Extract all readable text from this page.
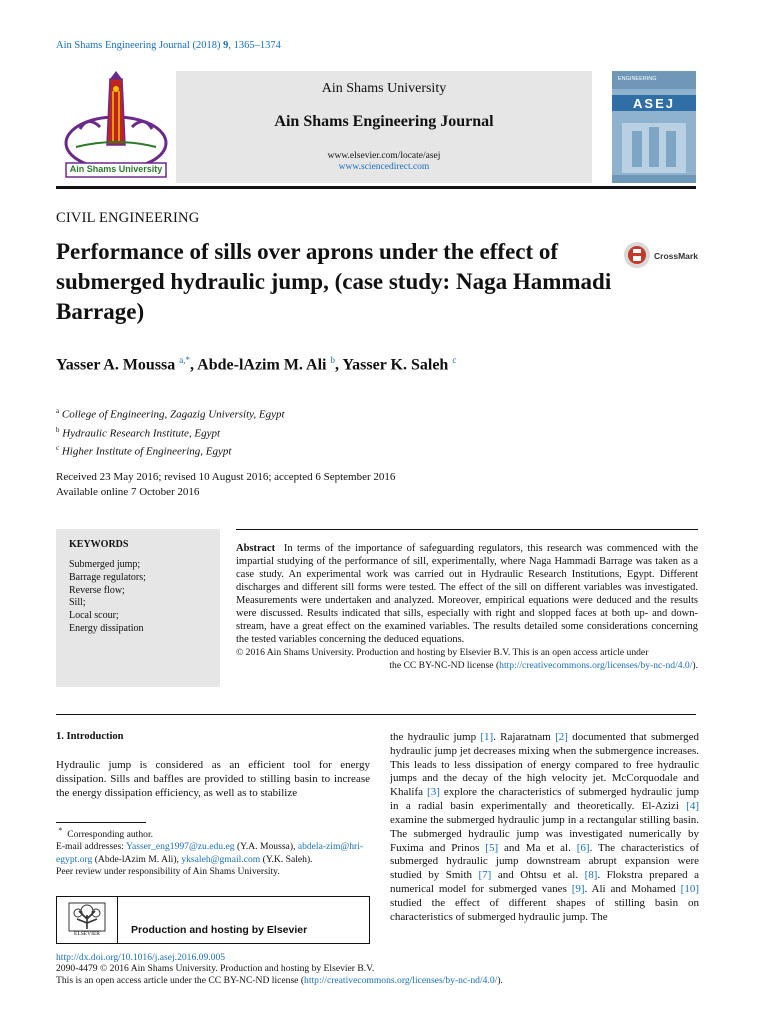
Ain Shams Engineering Journal (2018) 9, 1365–1374
Ain Shams University
Ain Shams University
Ain Shams Engineering Journal
www.elsevier.com/locate/asej
www.sciencedirect.com
ENGINEERING
ASEJ
CIVIL ENGINEERING
Performance of sills over aprons under the effect of submerged hydraulic jump, (case study: Naga Hammadi Barrage)
CrossMark
Yasser A. Moussa $^{a,*}$, Abde-lAzim M. Ali $^b$, Yasser K. Saleh $^c$
$^a$ College of Engineering, Zagazig University, Egypt
$^b$ Hydraulic Research Institute, Egypt
$^c$ Higher Institute of Engineering, Egypt
Received 23 May 2016; revised 10 August 2016; accepted 6 September 2016
Available online 7 October 2016
KEYWORDS
Submerged jump;
Barrage regulators;
Reverse flow;
Sill;
Local scour;
Energy dissipation
Abstract In terms of the importance of safeguarding regulators, this research was commenced with the impartial studying of the performance of sill, experimentally, where Naga Hammadi Barrage was taken as a case study. An experimental work was carried out in Hydraulic Research Institutions, Egypt. Different discharges and different sill forms were tested. The effect of the sill on different variables was investigated. Measurements were undertaken and analyzed. Moreover, empirical equations were deduced and the results were discussed. Results indicated that sills, especially with right and slopped faces at both up- and down-stream, have a great effect on the examined variables. The results detailed some considerations concerning the tested variables concerning the deduced equations.
© 2016 Ain Shams University. Production and hosting by Elsevier B.V. This is an open access article under
the CC BY-NC-ND license (http://creativecommons.org/licenses/by-nc-nd/4.0/).
1. Introduction
Hydraulic jump is considered as an efficient tool for energy dissipation. Sills and baffles are provided to stilling basin to increase the energy dissipation efficiency, as well as to stabilize

* Corresponding author.

E-mail addresses: Yasser_eng1997@zu.edu.eg (Y.A. Moussa), abdela-zim@hri-egypt.org (Abde-lAzim M. Ali), yksaleh@gmail.com (Y.K. Saleh).

Peer review under responsibility of Ain Shams University.

ELSEVIER	Production and hosting by Elsevier
the hydraulic jump [1]. Rajaratnam [2] documented that submerged hydraulic jump jet decreases mixing when the submergence increases. This leads to less dissipation of energy compared to free hydraulic jumps and the decay of the high velocity jet. McCorquodale and Khalifa [3] explore the characteristics of submerged hydraulic jump in a radial basin experimentally and theoretically. El-Azizi [4] examine the submerged hydraulic jump in a rectangular stilling basin. The submerged hydraulic jump was investigated numerically by Fuxima and Prinos [5] and Ma et al. [6]. The characteristics of submerged hydraulic jump downstream abrupt expansion were studied by Smith [7] and Ohtsu et al. [8]. Flokstra prepared a numerical model for submerged vanes [9]. Ali and Mohamed [10] studied the effect of different shapes of stilling basin on characteristics of submerged hydraulic jump. The
http://dx.doi.org/10.1016/j.asej.2016.09.005
2090-4479 © 2016 Ain Shams University. Production and hosting by Elsevier B.V.
This is an open access article under the CC BY-NC-ND license (http://creativecommons.org/licenses/by-nc-nd/4.0/).
